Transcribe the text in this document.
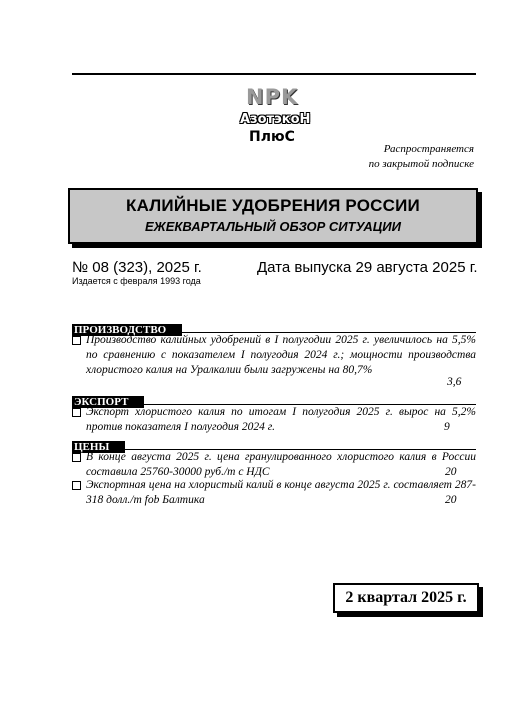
NPK
АзотэкоН
ПлюС
Распространяется
по закрытой подписке
КАЛИЙНЫЕ УДОБРЕНИЯ РОССИИ
ЕЖЕКВАРТАЛЬНЫЙ ОБЗОР СИТУАЦИИ
№ 08 (323), 2025 г.	Дата выпуска 29 августа 2025 г.
Издается с февраля 1993 года
ПРОИЗВОДСТВО
Производство калийных удобрений в I полугодии 2025 г. увеличилось на 5,5% по сравнению с показателем I полугодия 2024 г.; мощности производства хлористого калия на Уралкалии были загружены на 80,7%
3,6
ЭКСПОРТ
Экспорт хлористого калия по итогам I полугодия 2025 г. вырос на 5,2% против показателя I полугодия 2024 г.	9
ЦЕНЫ
В конце августа 2025 г. цена гранулированного хлористого калия в России составила 25760-30000 руб./т с НДС	20
Экспортная цена на хлористый калий в конце августа 2025 г. составляет 287-318 долл./т fob Балтика	20
2 квартал 2025 г.
